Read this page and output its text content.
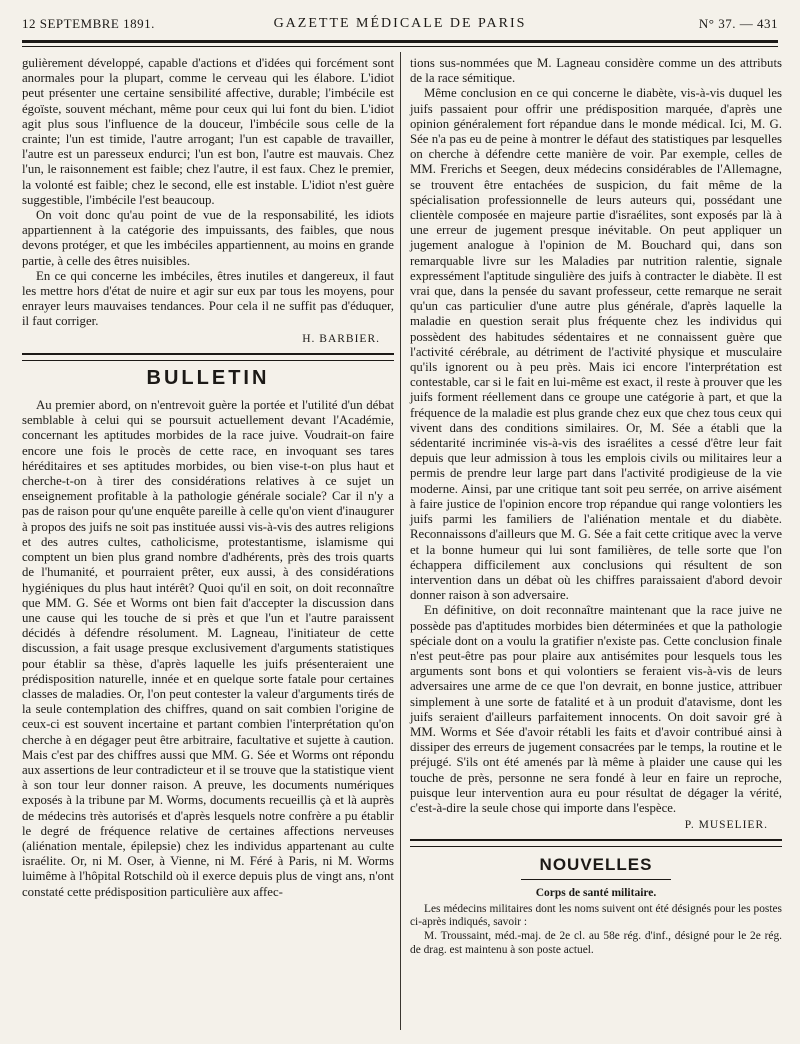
12 SEPTEMBRE 1891.	GAZETTE MÉDICALE DE PARIS	N° 37. — 431

gulièrement développé, capable d'actions et d'idées qui forcément sont anormales pour la plupart, comme le cerveau qui les élabore. L'idiot peut présenter une certaine sensibilité affective, durable; l'imbécile est égoïste, souvent méchant, même pour ceux qui lui font du bien. L'idiot agit plus sous l'influence de la douceur, l'imbécile sous celle de la crainte; l'un est timide, l'autre arrogant; l'un est capable de travailler, l'autre est un paresseux endurci; l'un est bon, l'autre est mauvais. Chez l'un, le raisonnement est faible; chez l'autre, il est faux. Chez le premier, la volonté est faible; chez le second, elle est instable. L'idiot n'est guère suggestible, l'imbécile l'est beaucoup.

On voit donc qu'au point de vue de la responsabilité, les idiots appartiennent à la catégorie des impuissants, des faibles, que nous devons protéger, et que les imbéciles appartiennent, au moins en grande partie, à celle des êtres nuisibles.

En ce qui concerne les imbéciles, êtres inutiles et dangereux, il faut les mettre hors d'état de nuire et agir sur eux par tous les moyens, pour enrayer leurs mauvaises tendances. Pour cela il ne suffit pas d'éduquer, il faut corriger.

H. BARBIER.
BULLETIN

Au premier abord, on n'entrevoit guère la portée et l'utilité d'un débat semblable à celui qui se poursuit actuellement devant l'Académie, concernant les aptitudes morbides de la race juive. Voudrait-on faire encore une fois le procès de cette race, en invoquant ses tares héréditaires et ses aptitudes morbides, ou bien vise-t-on plus haut et cherche-t-on à tirer des considérations relatives à ce sujet un enseignement profitable à la pathologie générale sociale? Car il n'y a pas de raison pour qu'une enquête pareille à celle qu'on vient d'inaugurer à propos des juifs ne soit pas instituée aussi vis-à-vis des autres religions et des autres cultes, catholicisme, protestantisme, islamisme qui comptent un bien plus grand nombre d'adhérents, près des trois quarts de l'humanité, et pourraient prêter, eux aussi, à des considérations hygiéniques du plus haut intérêt? Quoi qu'il en soit, on doit reconnaître que MM. G. Sée et Worms ont bien fait d'accepter la discussion dans une cause qui les touche de si près et que l'un et l'autre paraissent décidés à défendre résolument. M. Lagneau, l'initiateur de cette discussion, a fait usage presque exclusivement d'arguments statistiques pour établir sa thèse, d'après laquelle les juifs présenteraient une prédisposition naturelle, innée et en quelque sorte fatale pour certaines classes de maladies. Or, l'on peut contester la valeur d'arguments tirés de la seule contemplation des chiffres, quand on sait combien l'origine de ceux-ci est souvent incertaine et partant combien l'interprétation qu'on cherche à en dégager peut être arbitraire, facultative et sujette à caution. Mais c'est par des chiffres aussi que MM. G. Sée et Worms ont répondu aux assertions de leur contradicteur et il se trouve que la statistique vient à son tour leur donner raison. A preuve, les documents numériques exposés à la tribune par M. Worms, documents recueillis çà et là auprès de médecins très autorisés et d'après lesquels notre confrère a pu établir le degré de fréquence relative de certaines affections nerveuses (aliénation mentale, épilepsie) chez les individus appartenant au culte israélite. Or, ni M. Oser, à Vienne, ni M. Féré à Paris, ni M. Worms luimême à l'hôpital Rotschild où il exerce depuis plus de vingt ans, n'ont constaté cette prédisposition particulière aux affec-

tions sus-nommées que M. Lagneau considère comme un des attributs de la race sémitique.

Même conclusion en ce qui concerne le diabète, vis-à-vis duquel les juifs passaient pour offrir une prédisposition marquée, d'après une opinion généralement fort répandue dans le monde médical. Ici, M. G. Sée n'a pas eu de peine à montrer le défaut des statistiques par lesquelles on cherche à défendre cette manière de voir. Par exemple, celles de MM. Frerichs et Seegen, deux médecins considérables de l'Allemagne, se trouvent être entachées de suspicion, du fait même de la spécialisation professionnelle de leurs auteurs qui, possédant une clientèle composée en majeure partie d'israélites, sont exposés par là à une erreur de jugement presque inévitable. On peut appliquer un jugement analogue à l'opinion de M. Bouchard qui, dans son remarquable livre sur les Maladies par nutrition ralentie, signale expressément l'aptitude singulière des juifs à contracter le diabète. Il est vrai que, dans la pensée du savant professeur, cette remarque ne serait qu'un cas particulier d'une autre plus générale, d'après laquelle la maladie en question serait plus fréquente chez les individus qui possèdent des habitudes sédentaires et ne connaissent guère que l'activité cérébrale, au détriment de l'activité physique et musculaire qu'ils ignorent ou à peu près. Mais ici encore l'interprétation est contestable, car si le fait en lui-même est exact, il reste à prouver que les juifs forment réellement dans ce groupe une catégorie à part, et que la fréquence de la maladie est plus grande chez eux que chez tous ceux qui vivent dans des conditions similaires. Or, M. Sée a établi que la sédentarité incriminée vis-à-vis des israélites a cessé d'être leur fait depuis que leur admission à tous les emplois civils ou militaires leur a permis de prendre leur large part dans l'activité prodigieuse de la vie moderne. Ainsi, par une critique tant soit peu serrée, on arrive aisément à faire justice de l'opinion encore trop répandue qui range volontiers les juifs parmi les familiers de l'aliénation mentale et du diabète. Reconnaissons d'ailleurs que M. G. Sée a fait cette critique avec la verve et la bonne humeur qui lui sont familières, de telle sorte que l'on échappera difficilement aux conclusions qui résultent de son intervention dans un débat où les chiffres paraissaient d'abord devoir donner raison à son adversaire.

En définitive, on doit reconnaître maintenant que la race juive ne possède pas d'aptitudes morbides bien déterminées et que la pathologie spéciale dont on a voulu la gratifier n'existe pas. Cette conclusion finale n'est peut-être pas pour plaire aux antisémites pour lesquels tous les arguments sont bons et qui volontiers se feraient vis-à-vis de leurs adversaires une arme de ce que l'on devrait, en bonne justice, attribuer simplement à une sorte de fatalité et à un produit d'atavisme, dont les juifs seraient d'ailleurs parfaitement innocents. On doit savoir gré à MM. Worms et Sée d'avoir rétabli les faits et d'avoir contribué ainsi à dissiper des erreurs de jugement consacrées par le temps, la routine et le préjugé. S'ils ont été amenés par là même à plaider une cause qui les touche de près, personne ne sera fondé à leur en faire un reproche, puisque leur intervention aura eu pour résultat de dégager la vérité, c'est-à-dire la seule chose qui importe dans l'espèce.

P. MUSELIER.
NOUVELLES
Corps de santé militaire.

Les médecins militaires dont les noms suivent ont été désignés pour les postes ci-après indiqués, savoir :

M. Troussaint, méd.-maj. de 2e cl. au 58e rég. d'inf., désigné pour le 2e rég. de drag. est maintenu à son poste actuel.
